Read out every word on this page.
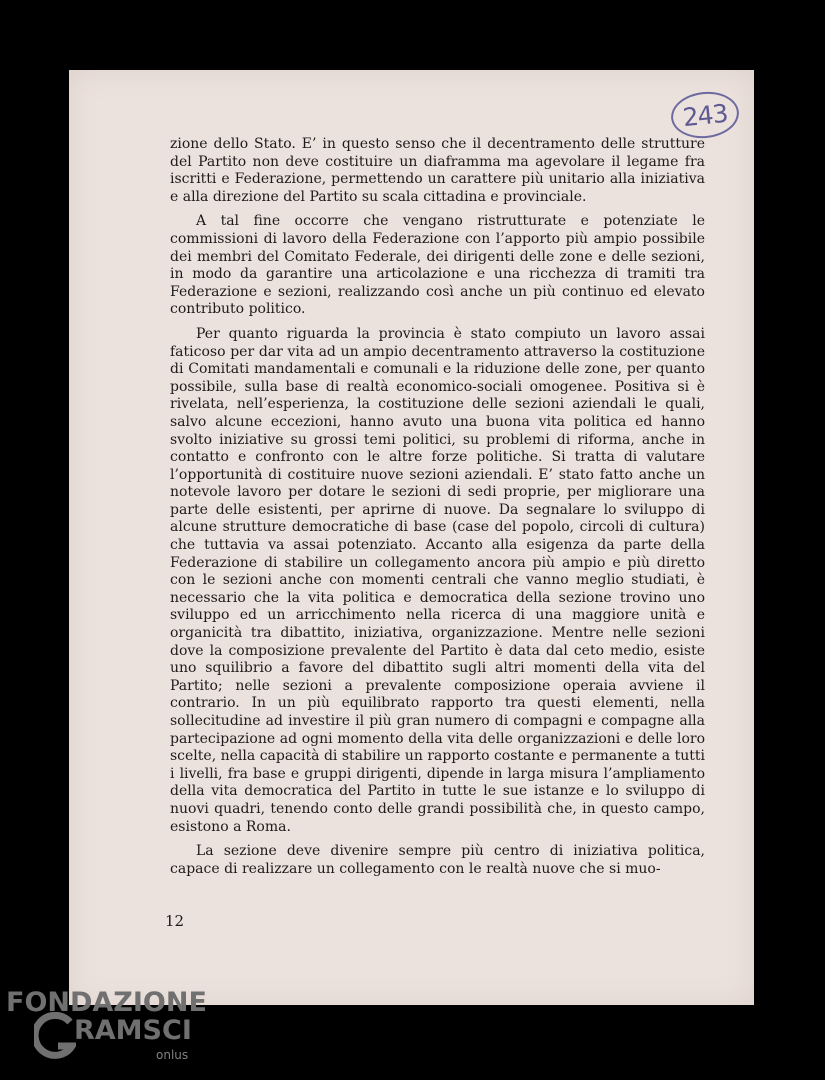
243

zione dello Stato. E’ in questo senso che il decentramento delle strutture del Partito non deve costituire un diaframma ma agevolare il legame fra iscritti e Federazione, permettendo un carattere più unitario alla iniziativa e alla direzione del Partito su scala cittadina e provinciale.

A tal fine occorre che vengano ristrutturate e potenziate le commissioni di lavoro della Federazione con l’apporto più ampio possibile dei membri del Comitato Federale, dei dirigenti delle zone e delle sezioni, in modo da garantire una articolazione e una ricchezza di tramiti tra Federazione e sezioni, realizzando così anche un più continuo ed elevato contributo politico.

Per quanto riguarda la provincia è stato compiuto un lavoro assai faticoso per dar vita ad un ampio decentramento attraverso la costituzione di Comitati mandamentali e comunali e la riduzione delle zone, per quanto possibile, sulla base di realtà economico-sociali omogenee. Positiva si è rivelata, nell’esperienza, la costituzione delle sezioni aziendali le quali, salvo alcune eccezioni, hanno avuto una buona vita politica ed hanno svolto iniziative su grossi temi politici, su problemi di riforma, anche in contatto e confronto con le altre forze politiche. Si tratta di valutare l’opportunità di costituire nuove sezioni aziendali. E’ stato fatto anche un notevole lavoro per dotare le sezioni di sedi proprie, per migliorare una parte delle esistenti, per aprirne di nuove. Da segnalare lo sviluppo di alcune strutture democratiche di base (case del popolo, circoli di cultura) che tuttavia va assai potenziato. Accanto alla esigenza da parte della Federazione di stabilire un collegamento ancora più ampio e più diretto con le sezioni anche con momenti centrali che vanno meglio studiati, è necessario che la vita politica e democratica della sezione trovino uno sviluppo ed un arricchimento nella ricerca di una maggiore unità e organicità tra dibattito, iniziativa, organizzazione. Mentre nelle sezioni dove la composizione prevalente del Partito è data dal ceto medio, esiste uno squilibrio a favore del dibattito sugli altri momenti della vita del Partito; nelle sezioni a prevalente composizione operaia avviene il contrario. In un più equilibrato rapporto tra questi elementi, nella sollecitudine ad investire il più gran numero di compagni e compagne alla partecipazione ad ogni momento della vita delle organizzazioni e delle loro scelte, nella capacità di stabilire un rapporto costante e permanente a tutti i livelli, fra base e gruppi dirigenti, dipende in larga misura l’ampliamento della vita democratica del Partito in tutte le sue istanze e lo sviluppo di nuovi quadri, tenendo conto delle grandi possibilità che, in questo campo, esistono a Roma.

La sezione deve divenire sempre più centro di iniziativa politica, capace di realizzare un collegamento con le realtà nuove che si muo-

12
FONDAZIONE
RAMSCI
onlus
